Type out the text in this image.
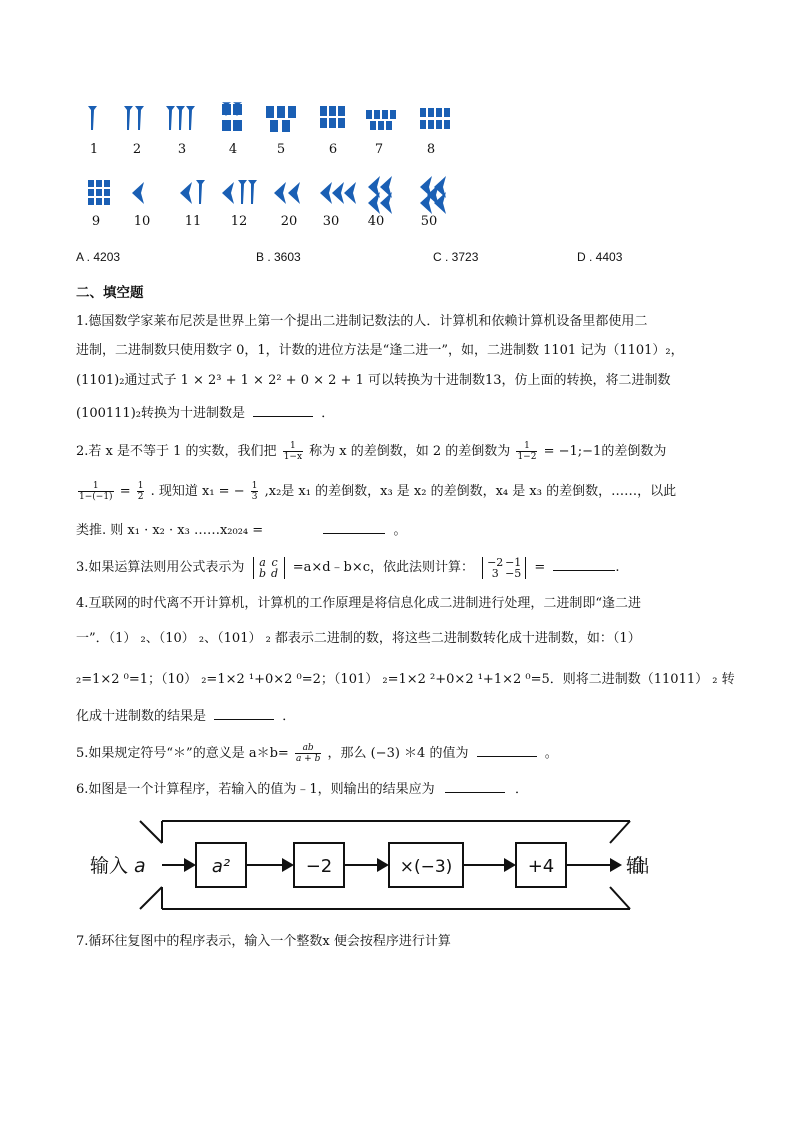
1	2	3	4	5	6	7	8
9	10	11	12	20	30	40	50
A . 4203	B . 3603	C . 3723	D . 4403
二、填空题
1.德国数学家莱布尼茨是世界上第一个提出二进制记数法的人．计算机和依赖计算机设备里都使用二
进制，二进制数只使用数字 0，1，计数的进位方法是“逢二进一”，如，二进制数 1101 记为（1101）₂，
(1101)₂通过式子 1 × 2³ + 1 × 2² + 0 × 2 + 1 可以转换为十进制数13，仿上面的转换，将二进制数
(100111)₂转换为十进制数是	．
2.若 x 是不等于 1 的实数，我们把 $\frac{1}{1-x}$ 称为 x 的差倒数，如 2 的差倒数为 $\frac{1}{1-2}$ = −1;−1的差倒数为
$\frac{1}{1-(-1)} = \frac{1}{2}$ . 现知道 x₁ = − $\frac{1}{3} ,x_2$是 x₁ 的差倒数，x₃ 是 x₂ 的差倒数，x₄ 是 x₃ 的差倒数，……，以此
类推. 则 x₁ · x₂ · x₃ ……x₂₀₂₄ =	。
3.如果运算法则用公式表示为 a c
b d =a×d﹣b×c，依此法则计算： −2 −1
3 −5 =	.
4.互联网的时代离不开计算机，计算机的工作原理是将信息化成二进制进行处理，二进制即“逢二进
一”．（1） ₂、（10） ₂、（101） ₂ 都表示二进制的数，将这些二进制数转化成十进制数，如：（1）
₂=1×2 ⁰=1；（10） ₂=1×2 ¹+0×2 ⁰=2；（101） ₂=1×2 ²+0×2 ¹+1×2 ⁰=5．则将二进制数（11011） ₂ 转
化成十进制数的结果是	．
5.如果规定符号“＊”的意义是 a＊b= $\frac{ab}{a + b}$ ，那么 (−3) ＊4 的值为	。
6.如图是一个计算程序，若输入的值为﹣1，则输出的结果应为	．
输入 a	a²	−2	×(−3)	+4	输出
7.循环往复图中的程序表示，输入一个整数x 便会按程序进行计算
